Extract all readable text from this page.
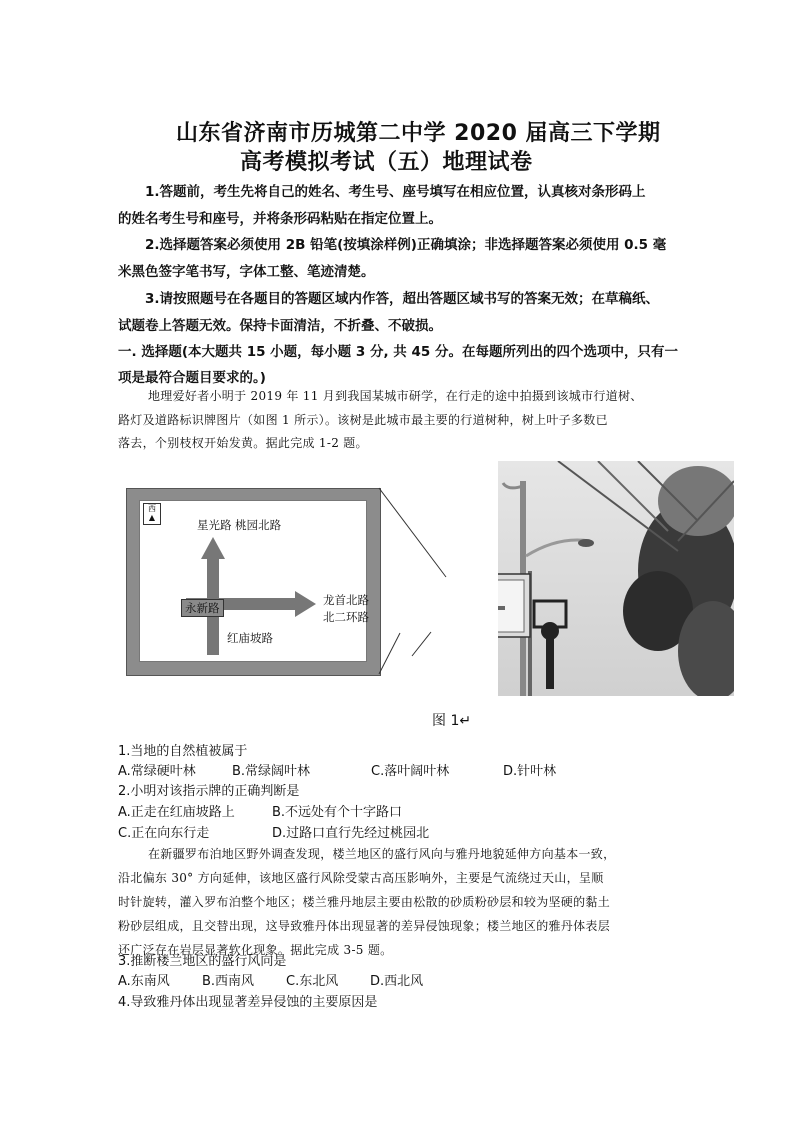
山东省济南市历城第二中学 2020 届高三下学期
高考模拟考试（五）地理试卷
1.答题前，考生先将自己的姓名、考生号、座号填写在相应位置，认真核对条形码上
的姓名考生号和座号，并将条形码粘贴在指定位置上。
2.选择题答案必须使用 2B 铅笔(按填涂样例)正确填涂；非选择题答案必须使用 0.5 毫
米黑色签字笔书写，字体工整、笔迹清楚。
3.请按照题号在各题目的答题区域内作答，超出答题区域书写的答案无效；在草稿纸、
试题卷上答题无效。保持卡面清洁，不折叠、不破损。
一. 选择题(本大题共 15 小题，每小题 3 分, 共 45 分。在每题所列出的四个选项中，只有一
项是最符合题目要求的。)
地理爱好者小明于 2019 年 11 月到我国某城市研学，在行走的途中拍摄到该城市行道树、
路灯及道路标识牌图片（如图 1 所示）。该树是此城市最主要的行道树种，树上叶子多数已
落去，个别枝杈开始发黄。据此完成 1-2 题。
西
▲
星光路 桃园北路
龙首北路
北二环路
永新路
红庙坡路
图 1↵
1.当地的自然植被属于
A.常绿硬叶林	B.常绿阔叶林	C.落叶阔叶林	D.针叶林
2.小明对该指示牌的正确判断是
A.正走在红庙坡路上	B.不远处有个十字路口
C.正在向东行走	D.过路口直行先经过桃园北
在新疆罗布泊地区野外调查发现，楼兰地区的盛行风向与雅丹地貌延伸方向基本一致，
沿北偏东 30° 方向延伸，该地区盛行风除受蒙古高压影响外，主要是气流绕过天山，呈顺
时针旋转，灌入罗布泊整个地区；楼兰雅丹地层主要由松散的砂质粉砂层和较为坚硬的黏土
粉砂层组成，且交替出现，这导致雅丹体出现显著的差异侵蚀现象；楼兰地区的雅丹体表层
还广泛存在岩层显著软化现象。据此完成 3-5 题。
3.推断楼兰地区的盛行风向是
A.东南风 B.西南风 C.东北风 D.西北风
4.导致雅丹体出现显著差异侵蚀的主要原因是
